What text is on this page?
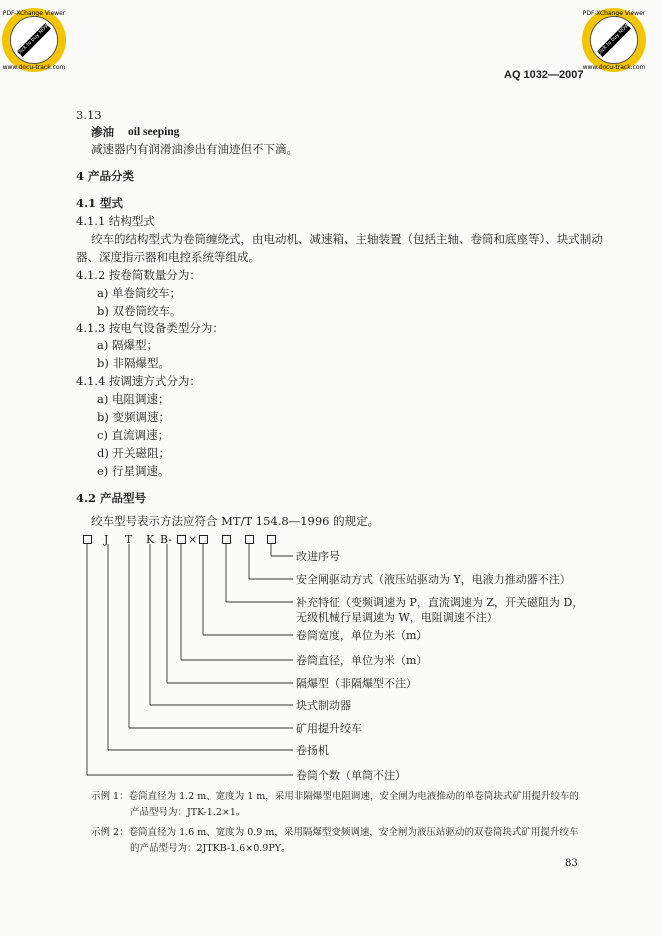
PDF-XChange Viewer
Click to buy NOW!
www.docu-track.com
PDF-XChange Viewer
Click to buy NOW!
www.docu-track.com
AQ 1032—2007
3.13
渗油 oil seeping
减速器内有润滑油渗出有油迹但不下滴。
4 产品分类
4.1 型式
4.1.1 结构型式
绞车的结构型式为卷筒缠绕式，由电动机、减速箱、主轴装置（包括主轴、卷筒和底座等）、块式制动
器、深度指示器和电控系统等组成。
4.1.2 按卷筒数量分为：
a) 单卷筒绞车；
b) 双卷筒绞车。
4.1.3 按电气设备类型分为：
a) 隔爆型；
b) 非隔爆型。
4.1.4 按调速方式分为：
a) 电阻调速；
b) 变频调速；
c) 直流调速；
d) 开关磁阻；
e) 行星调速。
4.2 产品型号
绞车型号表示方法应符合 MT/T 154.8—1996 的规定。
J T K B- ×
改进序号
安全闸驱动方式（液压站驱动为 Y，电液力推动器不注）
补充特征（变频调速为 P，直流调速为 Z，开关磁阻为 D，
无级机械行星调速为 W，电阻调速不注）
卷筒宽度，单位为米（m）
卷筒直径，单位为米（m）
隔爆型（非隔爆型不注）
块式制动器
矿用提升绞车
卷扬机
卷筒个数（单筒不注）
示例 1：卷筒直径为 1.2 m、宽度为 1 m，采用非隔爆型电阻调速，安全闸为电液推动的单卷筒块式矿用提升绞车的
产品型号为：JTK-1.2×1。
示例 2：卷筒直径为 1.6 m、宽度为 0.9 m，采用隔爆型变频调速，安全闸为液压站驱动的双卷筒块式矿用提升绞车
的产品型号为：2JTKB-1.6×0.9PY。
83
